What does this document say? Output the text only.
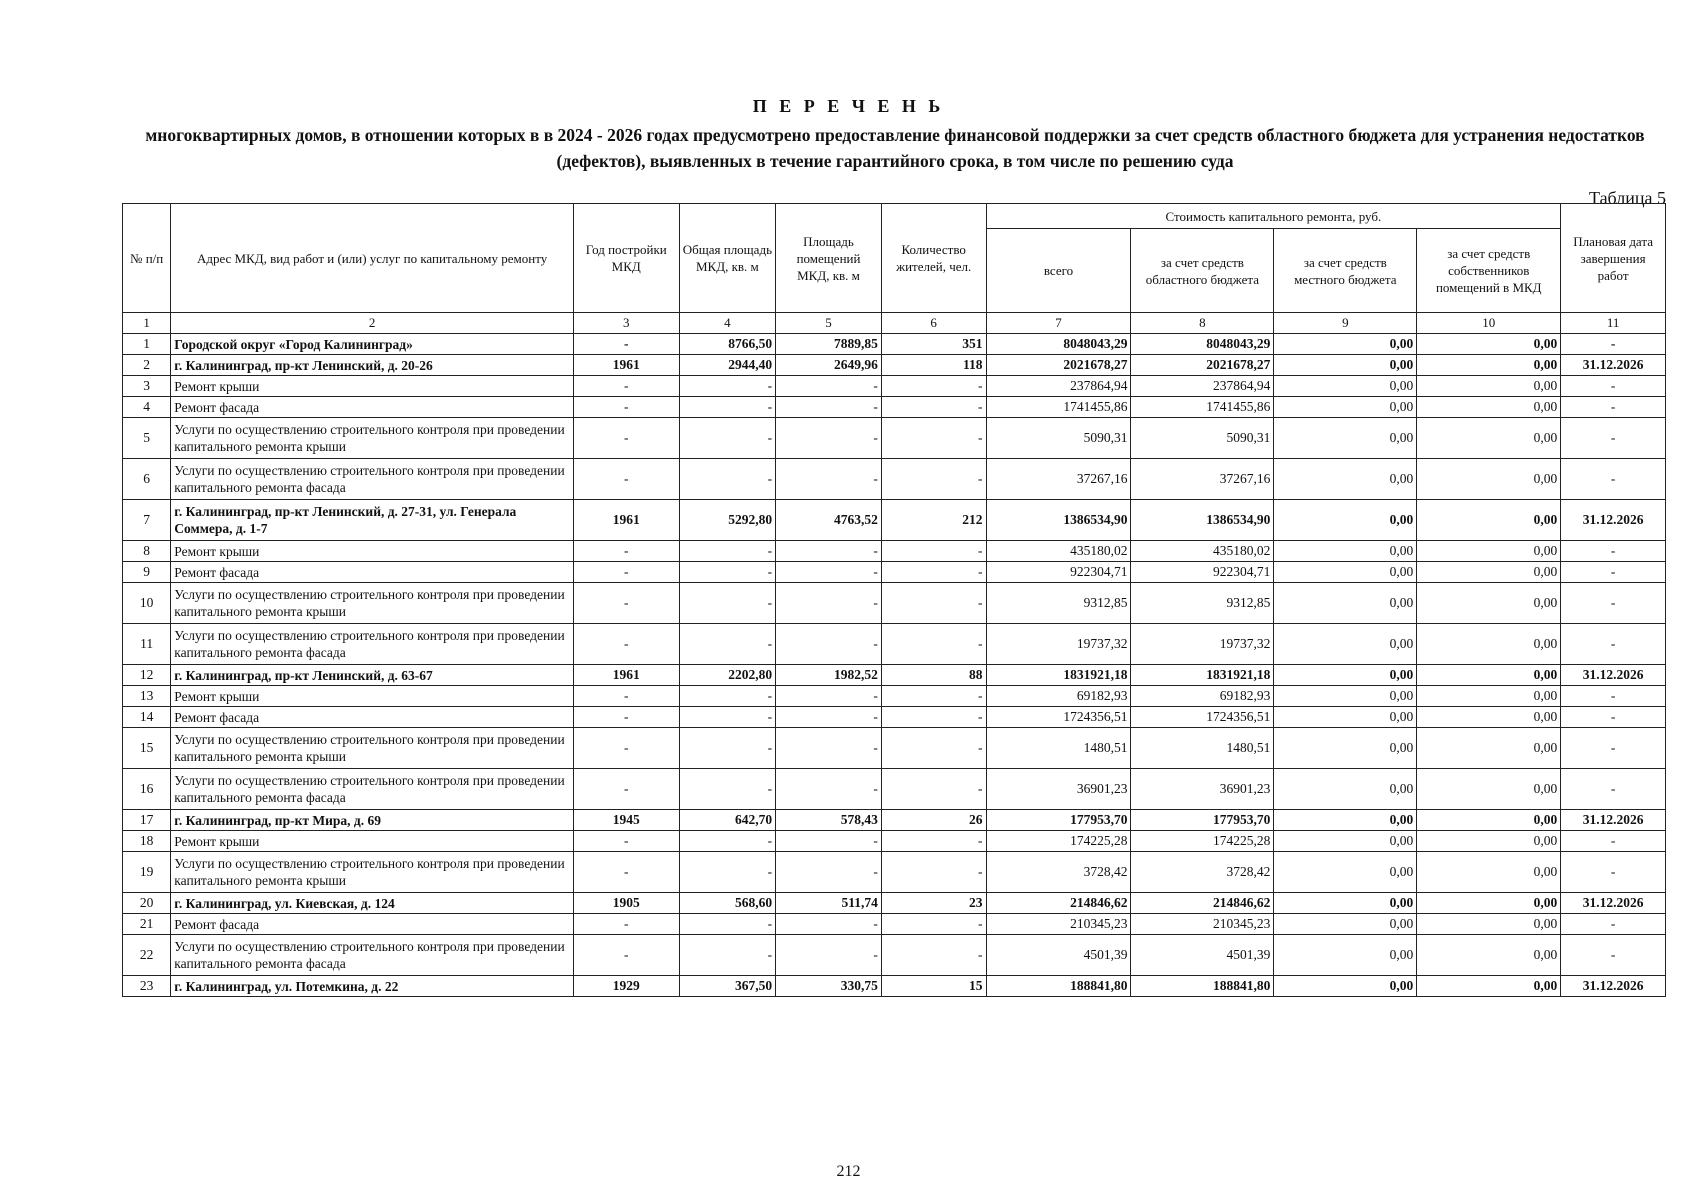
П Е Р Е Ч Е Н Ь
многоквартирных домов, в отношении которых в в 2024 - 2026 годах предусмотрено предоставление финансовой поддержки за счет средств областного бюджета для устранения недостатков (дефектов), выявленных в течение гарантийного срока, в том числе по решению суда
Таблица 5
№ п/п	Адрес МКД, вид работ и (или) услуг по капитальному ремонту	Год постройки МКД	Общая площадь МКД, кв. м	Площадь помещений МКД, кв. м	Количество жителей, чел.	Стоимость капитального ремонта, руб.				Плановая дата завершения работ
						всего	за счет средств областного бюджета	за счет средств местного бюджета	за счет средств собственников помещений в МКД	
1	2	3	4	5	6	7	8	9	10	11
1	Городской округ «Город Калининград»	-	8766,50	7889,85	351	8048043,29	8048043,29	0,00	0,00	-
2	г. Калининград, пр-кт Ленинский, д. 20-26	1961	2944,40	2649,96	118	2021678,27	2021678,27	0,00	0,00	31.12.2026
3	Ремонт крыши	-	-	-	-	237864,94	237864,94	0,00	0,00	-
4	Ремонт фасада	-	-	-	-	1741455,86	1741455,86	0,00	0,00	-
5	Услуги по осуществлению строительного контроля при проведении капитального ремонта крыши	-	-	-	-	5090,31	5090,31	0,00	0,00	-
6	Услуги по осуществлению строительного контроля при проведении капитального ремонта фасада	-	-	-	-	37267,16	37267,16	0,00	0,00	-
7	г. Калининград, пр-кт Ленинский, д. 27-31, ул. Генерала Соммера, д. 1-7	1961	5292,80	4763,52	212	1386534,90	1386534,90	0,00	0,00	31.12.2026
8	Ремонт крыши	-	-	-	-	435180,02	435180,02	0,00	0,00	-
9	Ремонт фасада	-	-	-	-	922304,71	922304,71	0,00	0,00	-
10	Услуги по осуществлению строительного контроля при проведении капитального ремонта крыши	-	-	-	-	9312,85	9312,85	0,00	0,00	-
11	Услуги по осуществлению строительного контроля при проведении капитального ремонта фасада	-	-	-	-	19737,32	19737,32	0,00	0,00	-
12	г. Калининград, пр-кт Ленинский, д. 63-67	1961	2202,80	1982,52	88	1831921,18	1831921,18	0,00	0,00	31.12.2026
13	Ремонт крыши	-	-	-	-	69182,93	69182,93	0,00	0,00	-
14	Ремонт фасада	-	-	-	-	1724356,51	1724356,51	0,00	0,00	-
15	Услуги по осуществлению строительного контроля при проведении капитального ремонта крыши	-	-	-	-	1480,51	1480,51	0,00	0,00	-
16	Услуги по осуществлению строительного контроля при проведении капитального ремонта фасада	-	-	-	-	36901,23	36901,23	0,00	0,00	-
17	г. Калининград, пр-кт Мира, д. 69	1945	642,70	578,43	26	177953,70	177953,70	0,00	0,00	31.12.2026
18	Ремонт крыши	-	-	-	-	174225,28	174225,28	0,00	0,00	-
19	Услуги по осуществлению строительного контроля при проведении капитального ремонта крыши	-	-	-	-	3728,42	3728,42	0,00	0,00	-
20	г. Калининград, ул. Киевская, д. 124	1905	568,60	511,74	23	214846,62	214846,62	0,00	0,00	31.12.2026
21	Ремонт фасада	-	-	-	-	210345,23	210345,23	0,00	0,00	-
22	Услуги по осуществлению строительного контроля при проведении капитального ремонта фасада	-	-	-	-	4501,39	4501,39	0,00	0,00	-
23	г. Калининград, ул. Потемкина, д. 22	1929	367,50	330,75	15	188841,80	188841,80	0,00	0,00	31.12.2026
212
